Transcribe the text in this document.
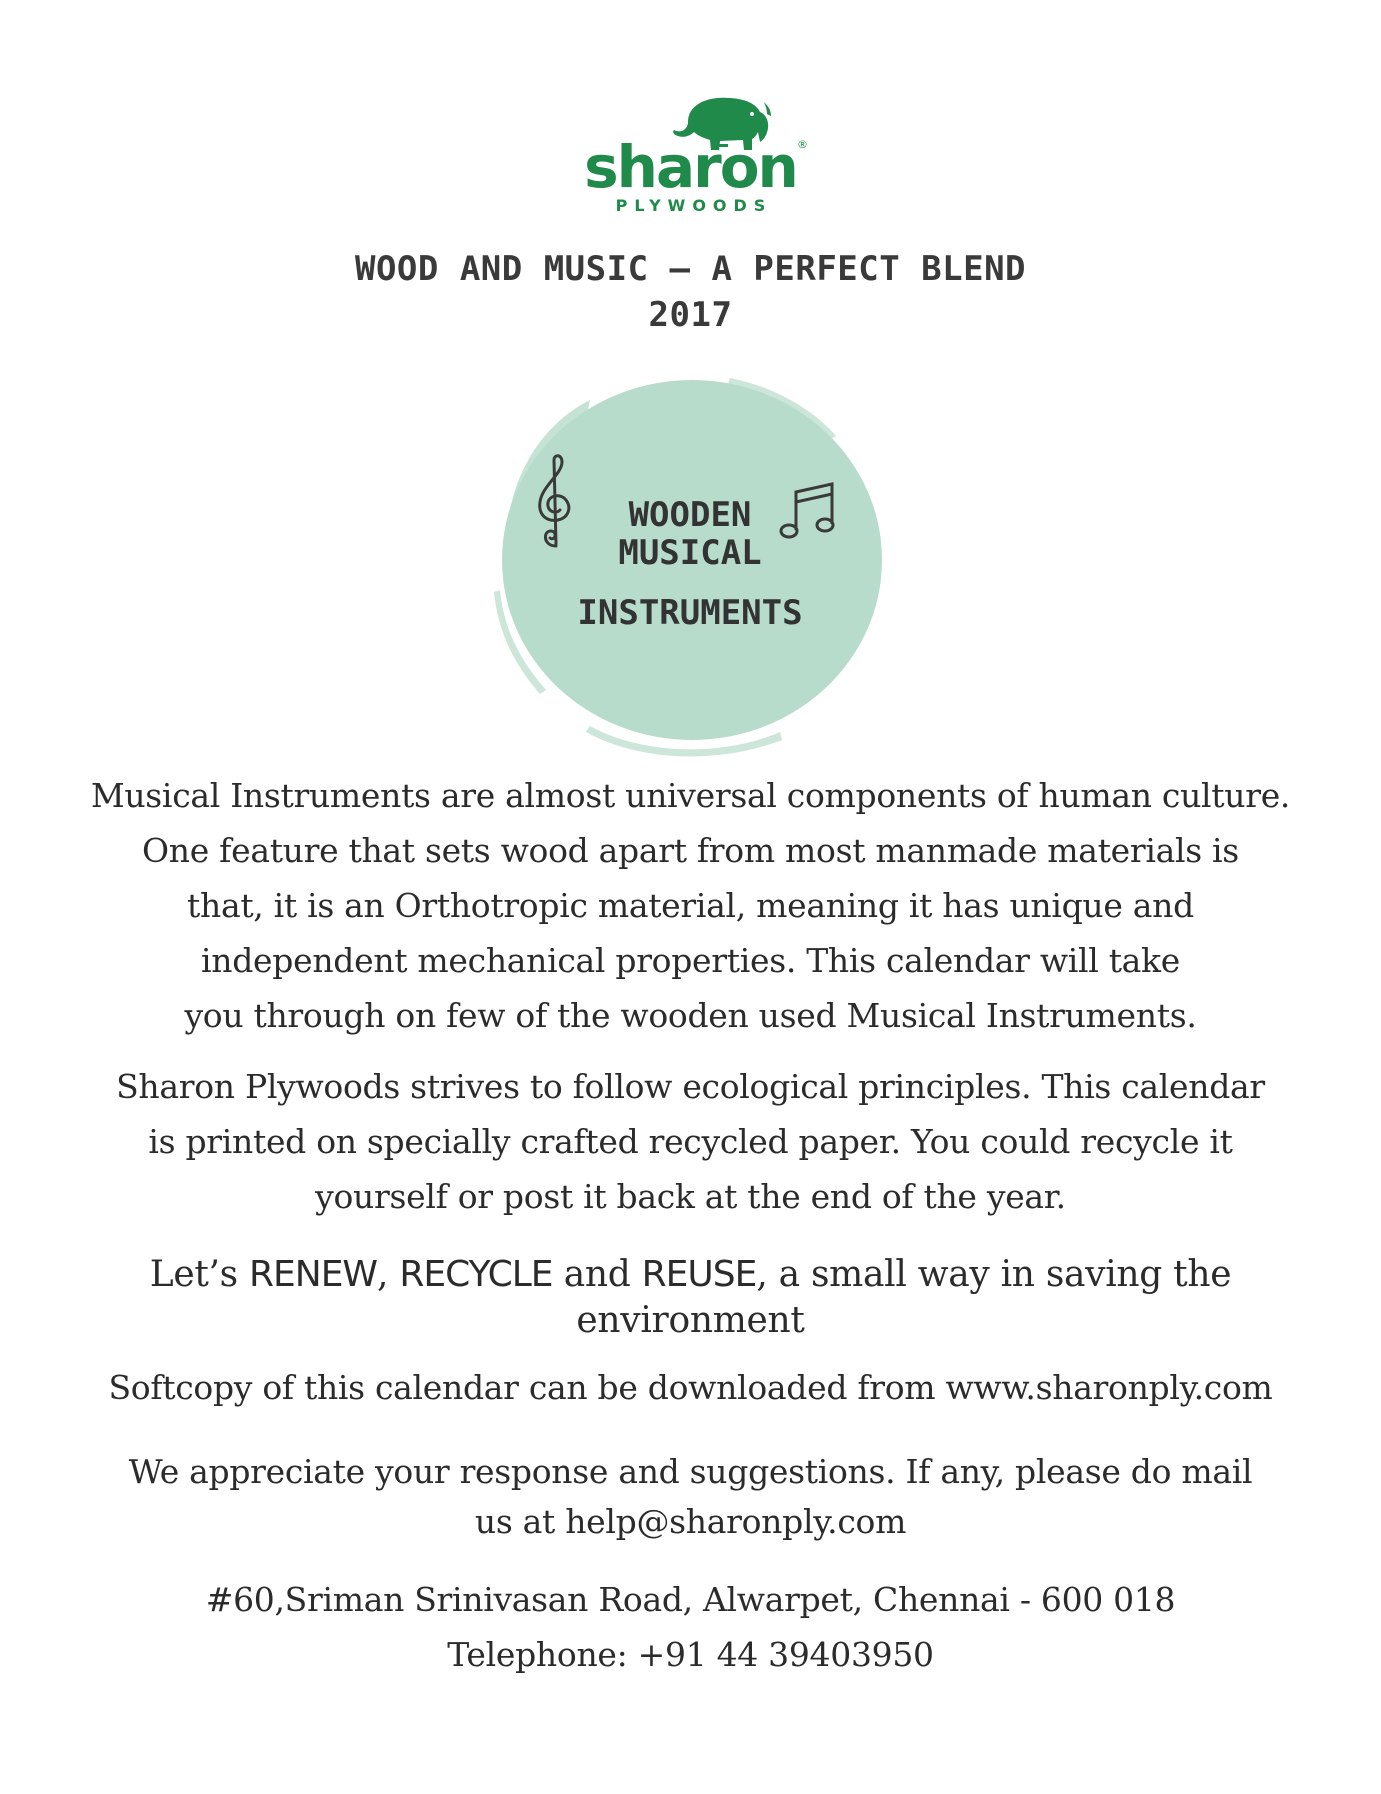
sharon ®
PLYWOODS
WOOD AND MUSIC – A PERFECT BLEND
2017
WOODEN
MUSICAL
INSTRUMENTS
Musical Instruments are almost universal components of human culture.
One feature that sets wood apart from most manmade materials is
that, it is an Orthotropic material, meaning it has unique and
independent mechanical properties. This calendar will take
you through on few of the wooden used Musical Instruments.
Sharon Plywoods strives to follow ecological principles. This calendar
is printed on specially crafted recycled paper. You could recycle it
yourself or post it back at the end of the year.
Let’s RENEW, RECYCLE and REUSE, a small way in saving the
environment
Softcopy of this calendar can be downloaded from www.sharonply.com
We appreciate your response and suggestions. If any, please do mail
us at help@sharonply.com
#60,Sriman Srinivasan Road, Alwarpet, Chennai - 600 018
Telephone: +91 44 39403950
